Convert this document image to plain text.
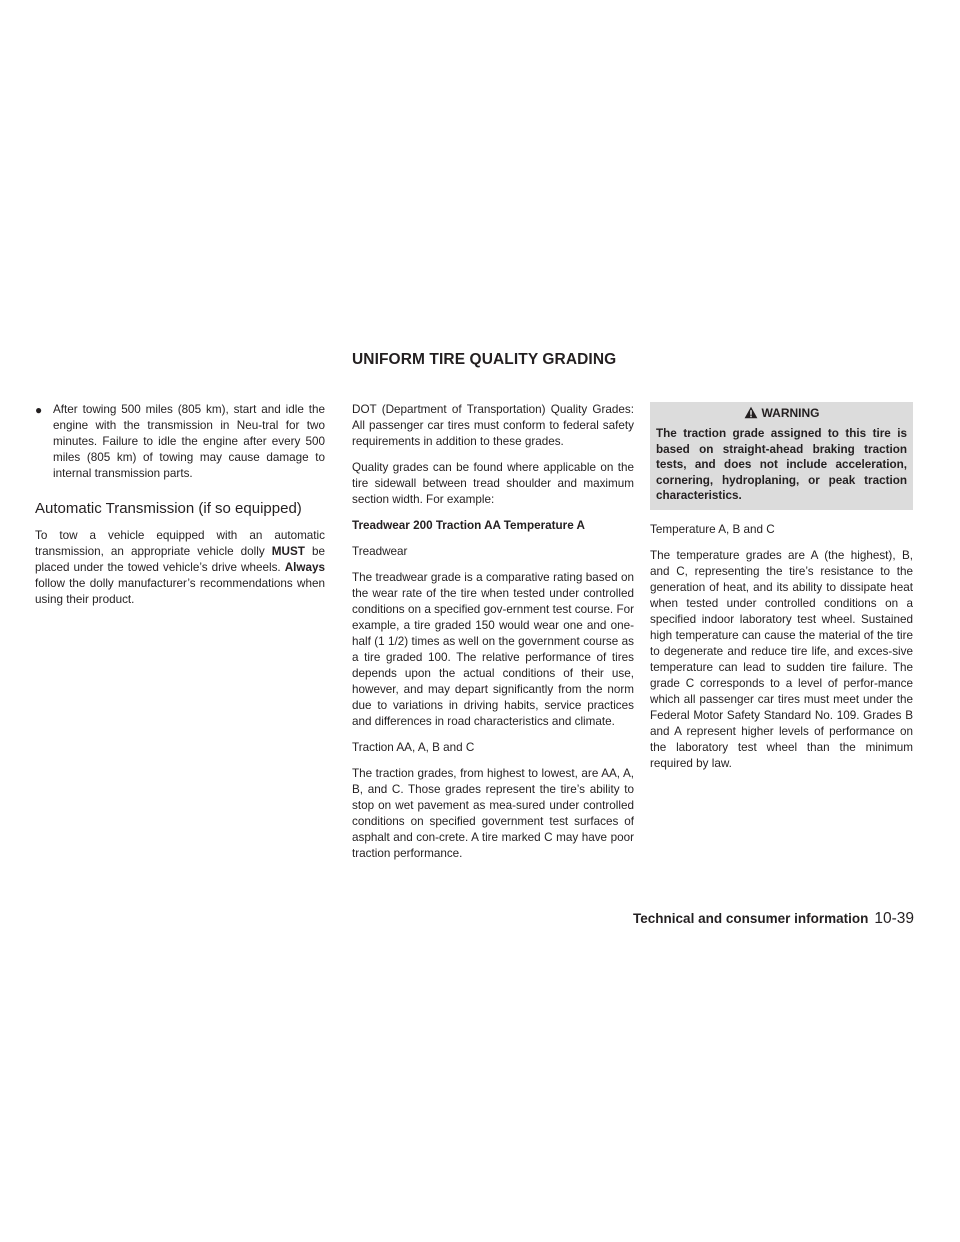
UNIFORM TIRE QUALITY GRADING
● After towing 500 miles (805 km), start and idle the engine with the transmission in Neu-tral for two minutes. Failure to idle the engine after every 500 miles (805 km) of towing may cause damage to internal transmission parts.
Automatic Transmission (if so equipped)

To tow a vehicle equipped with an automatic transmission, an appropriate vehicle dolly MUST be placed under the towed vehicle’s drive wheels. Always follow the dolly manufacturer’s recommendations when using their product.

DOT (Department of Transportation) Quality Grades: All passenger car tires must conform to federal safety requirements in addition to these grades.

Quality grades can be found where applicable on the tire sidewall between tread shoulder and maximum section width. For example:

Treadwear 200 Traction AA Temperature A

Treadwear

The treadwear grade is a comparative rating based on the wear rate of the tire when tested under controlled conditions on a specified gov-ernment test course. For example, a tire graded 150 would wear one and one-half (1 1/2) times as well on the government course as a tire graded 100. The relative performance of tires depends upon the actual conditions of their use, however, and may depart significantly from the norm due to variations in driving habits, service practices and differences in road characteristics and climate.

Traction AA, A, B and C

The traction grades, from highest to lowest, are AA, A, B, and C. Those grades represent the tire’s ability to stop on wet pavement as mea-sured under controlled conditions on specified government test surfaces of asphalt and con-crete. A tire marked C may have poor traction performance.

WARNING
The traction grade assigned to this tire is based on straight-ahead braking traction tests, and does not include acceleration, cornering, hydroplaning, or peak traction characteristics.

Temperature A, B and C

The temperature grades are A (the highest), B, and C, representing the tire’s resistance to the generation of heat, and its ability to dissipate heat when tested under controlled conditions on a specified indoor laboratory test wheel. Sustained high temperature can cause the material of the tire to degenerate and reduce tire life, and exces-sive temperature can lead to sudden tire failure. The grade C corresponds to a level of perfor-mance which all passenger car tires must meet under the Federal Motor Safety Standard No. 109. Grades B and A represent higher levels of performance on the laboratory test wheel than the minimum required by law.

Technical and consumer information 10-39
